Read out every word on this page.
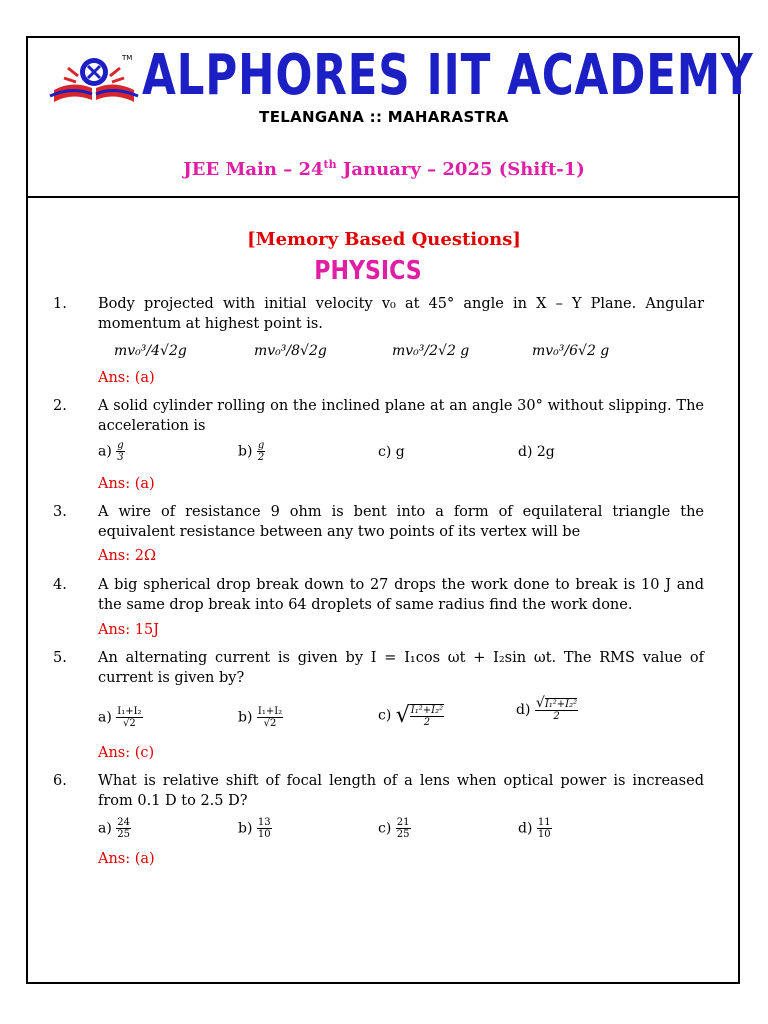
TM ALPHORES IIT ACADEMY
TELANGANA :: MAHARASTRA
JEE Main – 24th January – 2025 (Shift-1)
[Memory Based Questions]
PHYSICS
1. Body projected with initial velocity v₀ at 45° angle in X – Y Plane. Angular momentum at highest point is.
mv₀³/4√2g	mv₀³/8√2g	mv₀³/2√2 g	mv₀³/6√2 g
Ans: (a)
2. A solid cylinder rolling on the inclined plane at an angle 30° without slipping. The acceleration is
$a) \frac{g}{3}$	$b) \frac{g}{2}$	c) g	d) 2g
Ans: (a)
3. A wire of resistance 9 ohm is bent into a form of equilateral triangle the equivalent resistance between any two points of its vertex will be
Ans: 2Ω
4. A big spherical drop break down to 27 drops the work done to break is 10 J and the same drop break into 64 droplets of same radius find the work done.
Ans: 15J
5. An alternating current is given by I = I₁cos ωt + I₂sin ωt. The RMS value of current is given by?
$a) \frac{\text{I₁+I₂}}{√2}$	$b) \frac{\text{I₁+I₂}}{√2}$	c) √ $\frac{\text{I₁²+I₂²}}{2}$	$d) \frac{\text{√I₁²+I₂²}}{2}$
Ans: (c)
6. What is relative shift of focal length of a lens when optical power is increased from 0.1 D to 2.5 D?
$a) \frac{24}{25}$	$b) \frac{13}{10}$	$c) \frac{21}{25}$	$d) \frac{11}{10}$
Ans: (a)
